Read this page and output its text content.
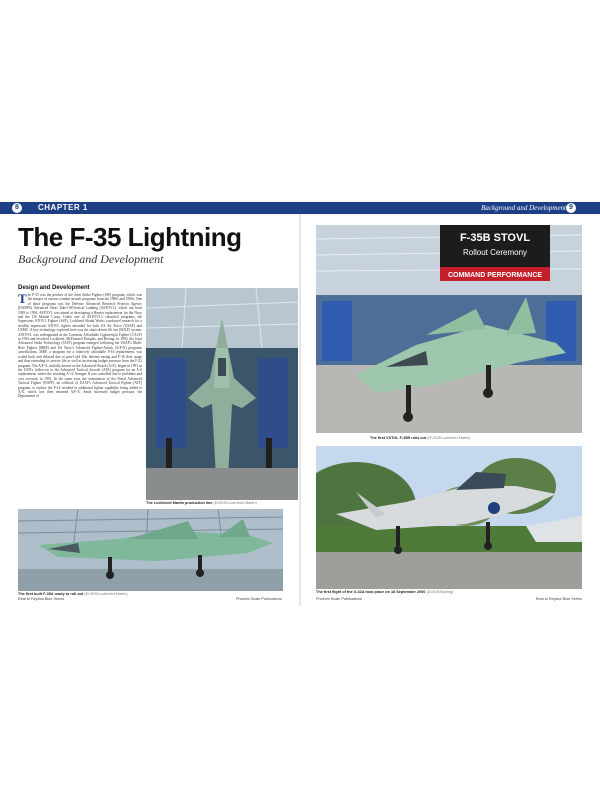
8	CHAPTER 1	Background and Development 9
The F-35 Lightning
Background and Development
Design and Development
The F-35 was the product of the Joint Strike Fighter (JSF) program, which was the merger of various combat aircraft programs from the 1980s and 1990s. One of those programs was the Defense Advanced Research Projects Agency (DARPA) Advanced Short Take-Off/Vertical Landing (ASTOVL), which ran from 1983 to 1994. ASTOVL was aimed at developing a Harrier replacement for the Navy and the US Marine Corps. Under one of ASTOVL's classified programs, the Supersonic STOVL Fighter (SSF), Lockheed Skunk Works conducted research for a stealthy supersonic STOVL fighter intended for both US Air Force (USAF) and USMC. A key technology explored here was the shaft-driven lift fan (SDLF) system. ASTOVL was redesignated as the Common Affordable Lightweight Fighter (CALF) in 1993 and involved Lockheed, McDonnell Douglas, and Boeing. In 1993, the Joint Advanced Strike Technology (JAST) program emerged following the USAF's Multi-Role Fighter (MRF) and US Navy's Advanced Fighter-Attack (A/F-X) programs cancellations. MRF, a program for a relatively affordable F-16 replacement, was scaled back and delayed due to post-Cold War defense easing and F-16 fleet usage and thus extending its service life as well as increasing budget pressure from the F-22 program. The A/F-X, initially known as the Advanced-Attack (A/X), began in 1991 as the USN's follow-on to the Advanced Tactical Aircraft (ATA) program for an A-6 replacement, where the resulting A-12 Avenger II was cancelled due to problems and cost overruns in 1991. In the same year, the termination of the Naval Advanced Tactical Fighter (NATF), an offshoot of USAF's Advanced Tactical Fighter (ATF) program, to replace the F-14 resulted in additional fighter capability being added to A/X, which was then renamed A/F-X. Amid increased budget pressure, the Department of
The Lockheed Martin production line (DVIDS/Lockheed Martin)
The first built F-35A ready to roll out (DVIDS/Lockheed Martin)
F-35B STOVL
Rollout Ceremony
COMMAND PERFORMANCE
The first VSTOL F-35B rolls out (DVIDS/Lockheed Martin)
The first flight of the X-32A took place on 18 September 2000 (DVIDS/Boeing)
Real to Replica Blue Series	Phoenix Scale Publications	Phoenix Scale Publications	Real to Replica Blue Series
